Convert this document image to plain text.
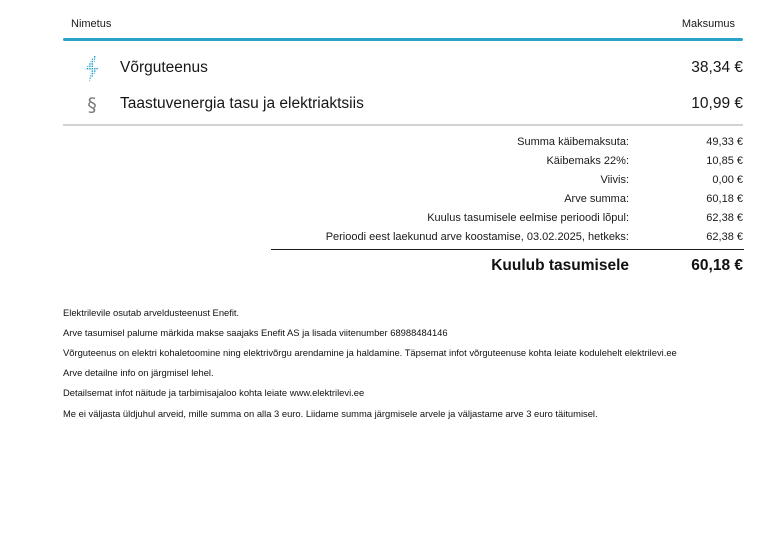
Nimetus	Maksumus
Võrguteenus	38,34 €
§	Taastuvenergia tasu ja elektriaktsiis	10,99 €
Summa käibemaksuta:	49,33 €
Käibemaks 22%:	10,85 €
Viivis:	0,00 €
Arve summa:	60,18 €
Kuulus tasumisele eelmise perioodi lõpul:	62,38 €
Perioodi eest laekunud arve koostamise, 03.02.2025, hetkeks:	62,38 €
Kuulub tasumisele	60,18 €
Elektrilevile osutab arveldusteenust Enefit.
Arve tasumisel palume märkida makse saajaks Enefit AS ja lisada viitenumber 68988484146
Võrguteenus on elektri kohaletoomine ning elektrivõrgu arendamine ja haldamine. Täpsemat infot võrguteenuse kohta leiate kodulehelt elektrilevi.ee
Arve detailne info on järgmisel lehel.
Detailsemat infot näitude ja tarbimisajaloo kohta leiate www.elektrilevi.ee
Me ei väljasta üldjuhul arveid, mille summa on alla 3 euro. Liidame summa järgmisele arvele ja väljastame arve 3 euro täitumisel.
